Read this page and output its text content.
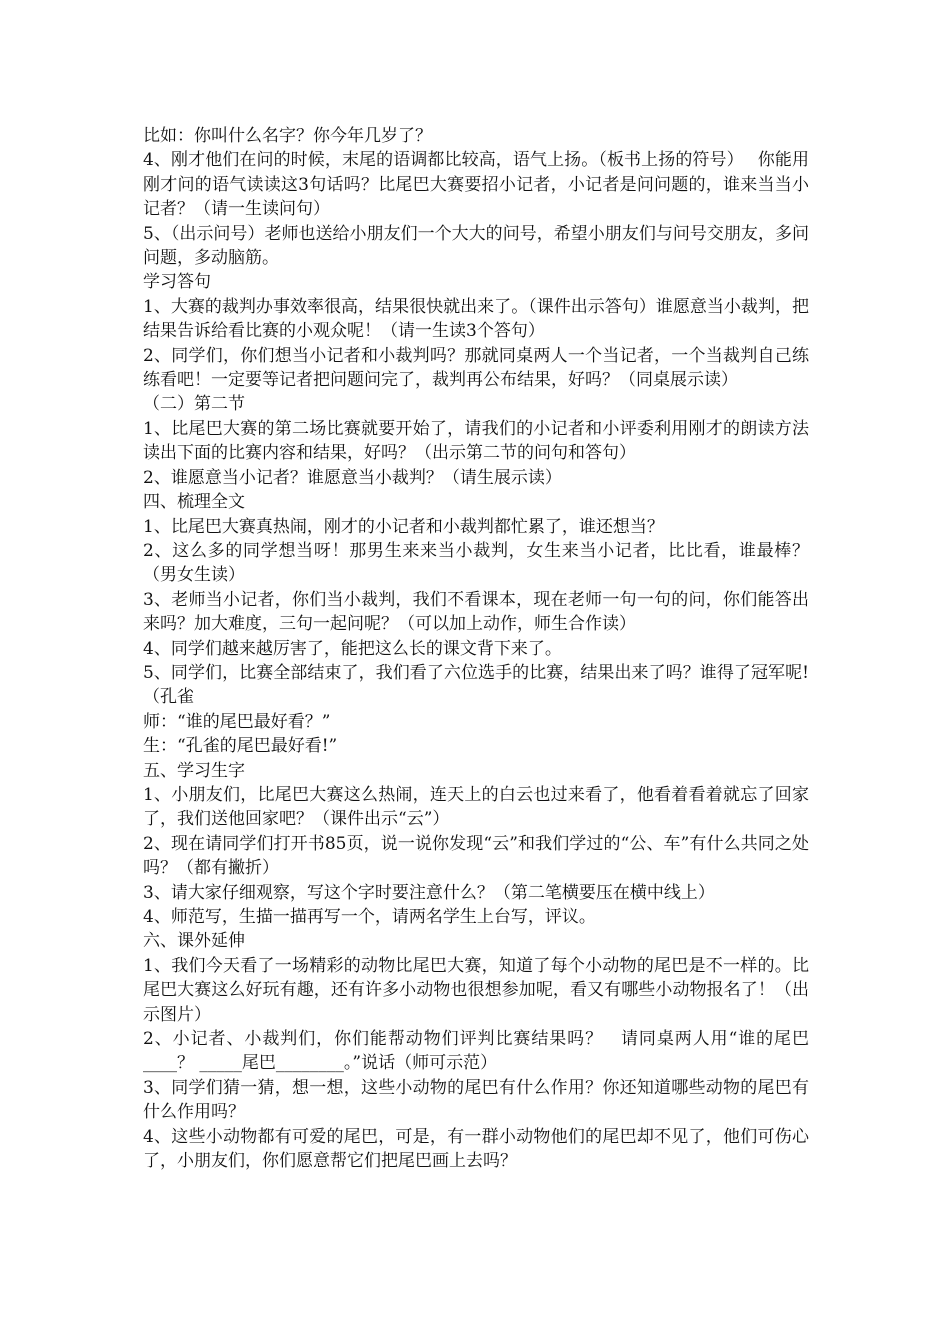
比如：你叫什么名字？你今年几岁了？

4、刚才他们在问的时候，末尾的语调都比较高，语气上扬。（板书上扬的符号）　 你能用刚才问的语气读读这3句话吗？比尾巴大赛要招小记者，小记者是问问题的，谁来当当小记者？（请一生读问句）

5、（出示问号）老师也送给小朋友们一个大大的问号，希望小朋友们与问号交朋友，多问问题，多动脑筋。

学习答句

1、大赛的裁判办事效率很高，结果很快就出来了。（课件出示答句）谁愿意当小裁判，把结果告诉给看比赛的小观众呢！（请一生读3个答句）

2、同学们，你们想当小记者和小裁判吗？那就同桌两人一个当记者，一个当裁判自己练练看吧！一定要等记者把问题问完了，裁判再公布结果，好吗？（同桌展示读）

（二）第二节

1、比尾巴大赛的第二场比赛就要开始了，请我们的小记者和小评委利用刚才的朗读方法读出下面的比赛内容和结果，好吗？（出示第二节的问句和答句）

2、谁愿意当小记者？谁愿意当小裁判？（请生展示读）

四、梳理全文

1、比尾巴大赛真热闹，刚才的小记者和小裁判都忙累了，谁还想当？

2、这么多的同学想当呀！那男生来来当小裁判，女生来当小记者，比比看，谁最棒？（男女生读）

3、老师当小记者，你们当小裁判，我们不看课本，现在老师一句一句的问，你们能答出来吗？加大难度，三句一起问呢？（可以加上动作，师生合作读）

4、同学们越来越厉害了，能把这么长的课文背下来了。

5、同学们，比赛全部结束了，我们看了六位选手的比赛，结果出来了吗？谁得了冠军呢!（孔雀

师：“谁的尾巴最好看？”

生：“孔雀的尾巴最好看!”

五、学习生字

1、小朋友们，比尾巴大赛这么热闹，连天上的白云也过来看了，他看着看着就忘了回家了，我们送他回家吧？（课件出示“云”）

2、现在请同学们打开书85页，说一说你发现“云”和我们学过的“公、车”有什么共同之处吗？（都有撇折）

3、请大家仔细观察，写这个字时要注意什么？（第二笔横要压在横中线上）

4、师范写，生描一描再写一个，请两名学生上台写，评议。

六、课外延伸

1、我们今天看了一场精彩的动物比尾巴大赛，知道了每个小动物的尾巴是不一样的。比尾巴大赛这么好玩有趣，还有许多小动物也很想参加呢，看又有哪些小动物报名了！（出示图片）

2、小记者、小裁判们，你们能帮动物们评判比赛结果吗？　请同桌两人用“谁的尾巴____？ _____尾巴________。”说话（师可示范）

3、同学们猜一猜，想一想，这些小动物的尾巴有什么作用？你还知道哪些动物的尾巴有什么作用吗？

4、这些小动物都有可爱的尾巴，可是，有一群小动物他们的尾巴却不见了，他们可伤心了，小朋友们，你们愿意帮它们把尾巴画上去吗？
